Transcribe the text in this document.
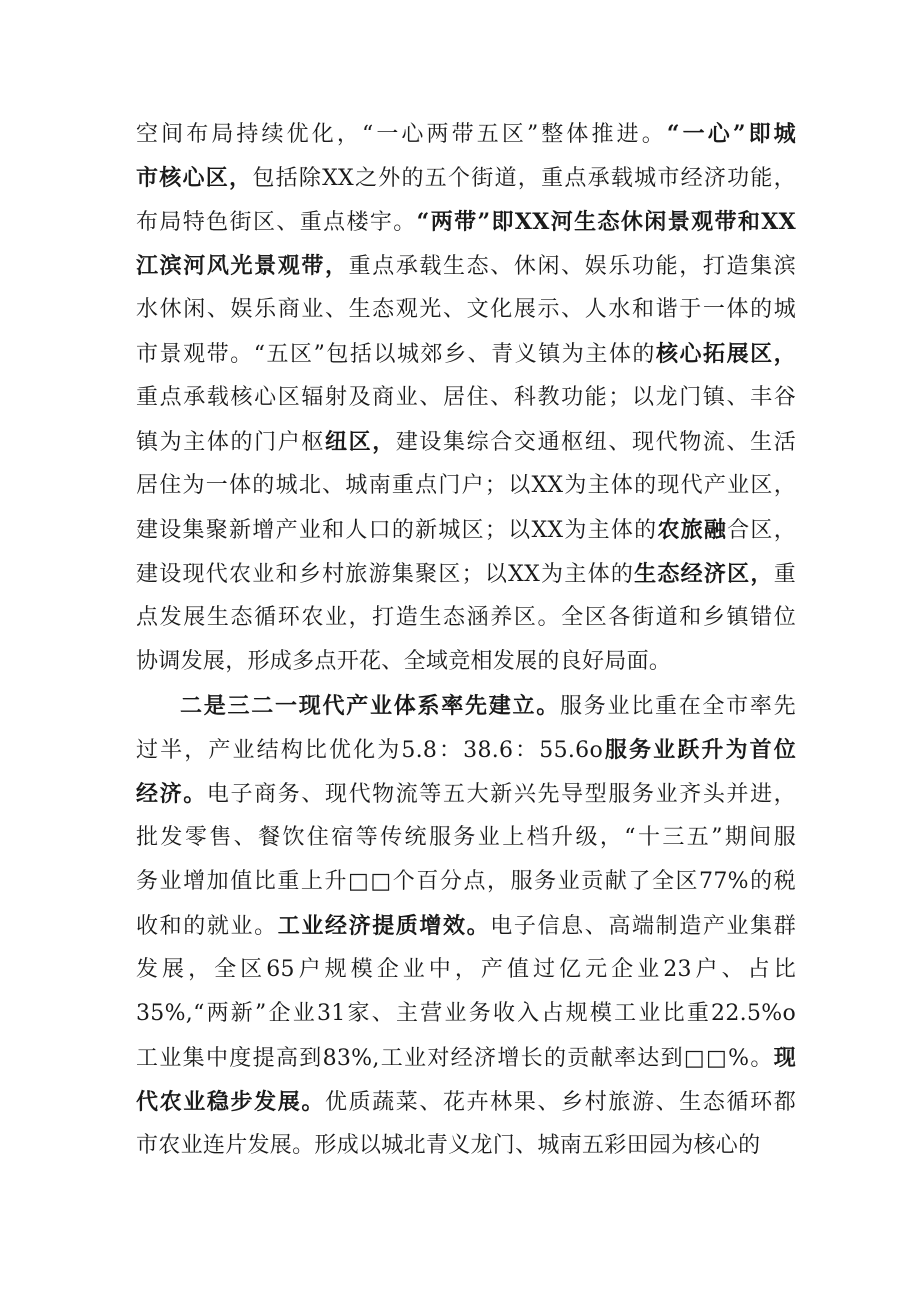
空间布局持续优化，“一心两带五区”整体推进。“一心”即城
市核心区，包括除XX之外的五个街道，重点承载城市经济功能，
布局特色街区、重点楼宇。“两带”即XX河生态休闲景观带和XX
江滨河风光景观带，重点承载生态、休闲、娱乐功能，打造集滨
水休闲、娱乐商业、生态观光、文化展示、人水和谐于一体的城
市景观带。“五区”包括以城郊乡、青义镇为主体的核心拓展区，
重点承载核心区辐射及商业、居住、科教功能；以龙门镇、丰谷
镇为主体的门户枢纽区，建设集综合交通枢纽、现代物流、生活
居住为一体的城北、城南重点门户；以XX为主体的现代产业区，
建设集聚新增产业和人口的新城区；以XX为主体的农旅融合区，
建设现代农业和乡村旅游集聚区；以XX为主体的生态经济区，重
点发展生态循环农业，打造生态涵养区。全区各街道和乡镇错位
协调发展，形成多点开花、全域竞相发展的良好局面。
二是三二一现代产业体系率先建立。服务业比重在全市率先
过半，产业结构比优化为5.8：38.6：55.6o服务业跃升为首位
经济。电子商务、现代物流等五大新兴先导型服务业齐头并进，
批发零售、餐饮住宿等传统服务业上档升级，“十三五”期间服
务业增加值比重上升□□个百分点，服务业贡献了全区77%的税
收和的就业。工业经济提质增效。电子信息、高端制造产业集群
发展，全区65户规模企业中，产值过亿元企业23户、占比
35%,“两新”企业31家、主营业务收入占规模工业比重22.5%o
工业集中度提高到83%,工业对经济增长的贡献率达到□□%。现
代农业稳步发展。优质蔬菜、花卉林果、乡村旅游、生态循环都
市农业连片发展。形成以城北青义龙门、城南五彩田园为核心的
